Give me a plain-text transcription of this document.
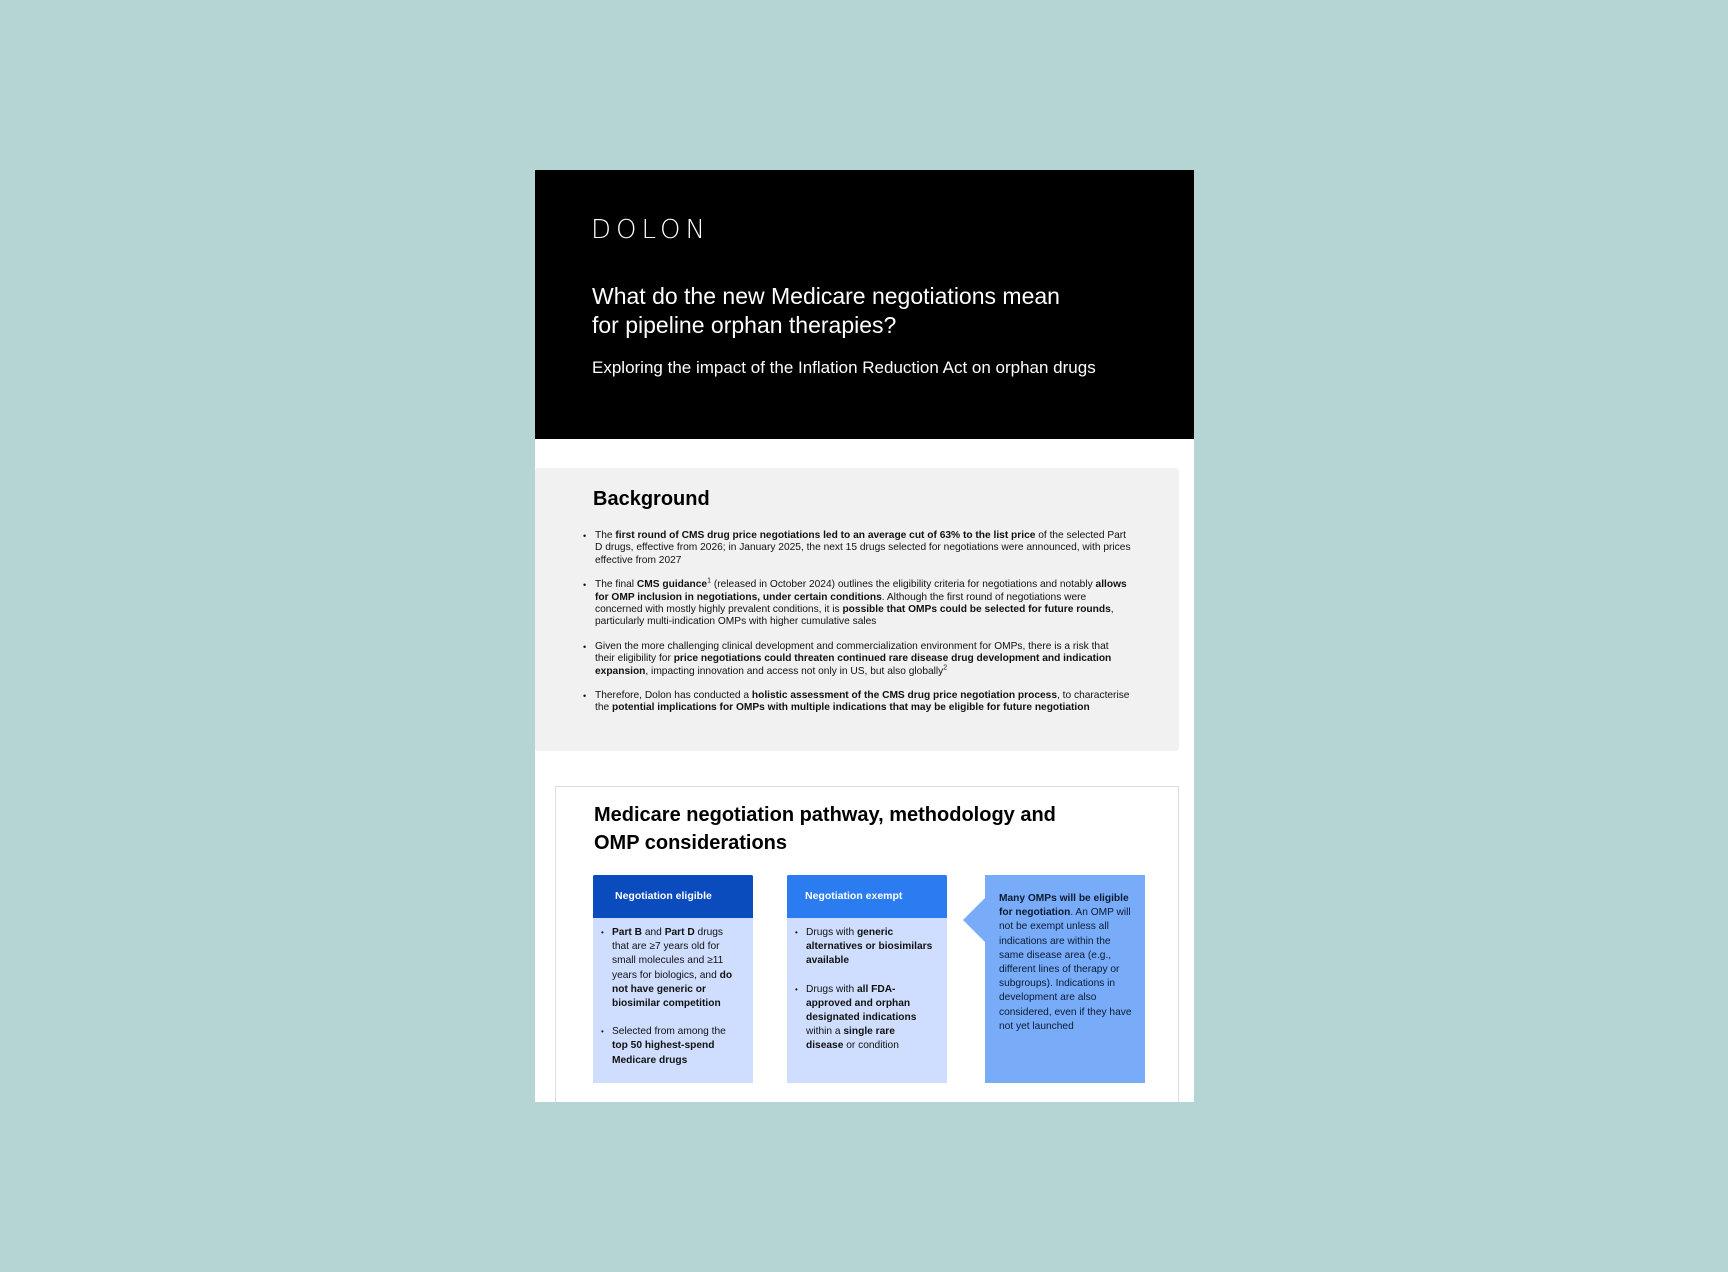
DOLON
What do the new Medicare negotiations mean for pipeline orphan therapies?

Exploring the impact of the Inflation Reduction Act on orphan drugs

Background
• The first round of CMS drug price negotiations led to an average cut of 63% to the list price of the selected Part D drugs, effective from 2026; in January 2025, the next 15 drugs selected for negotiations were announced, with prices effective from 2027
• The final CMS guidance$^1$ (released in October 2024) outlines the eligibility criteria for negotiations and notably allows for OMP inclusion in negotiations, under certain conditions. Although the first round of negotiations were concerned with mostly highly prevalent conditions, it is possible that OMPs could be selected for future rounds, particularly multi-indication OMPs with higher cumulative sales
• Given the more challenging clinical development and commercialization environment for OMPs, there is a risk that their eligibility for price negotiations could threaten continued rare disease drug development and indication expansion, impacting innovation and access not only in US, but also globally$^2$
• Therefore, Dolon has conducted a holistic assessment of the CMS drug price negotiation process, to characterise the potential implications for OMPs with multiple indications that may be eligible for future negotiation
Medicare negotiation pathway, methodology and OMP considerations
Negotiation eligible
• Part B and Part D drugs that are ≥7 years old for small molecules and ≥11 years for biologics, and do not have generic or biosimilar competition
• Selected from among the top 50 highest-spend Medicare drugs
Negotiation exempt
• Drugs with generic alternatives or biosimilars available
• Drugs with all FDA-approved and orphan designated indications within a single rare disease or condition

Many OMPs will be eligible for negotiation. An OMP will not be exempt unless all indications are within the same disease area (e.g., different lines of therapy or subgroups). Indications in development are also considered, even if they have not yet launched
